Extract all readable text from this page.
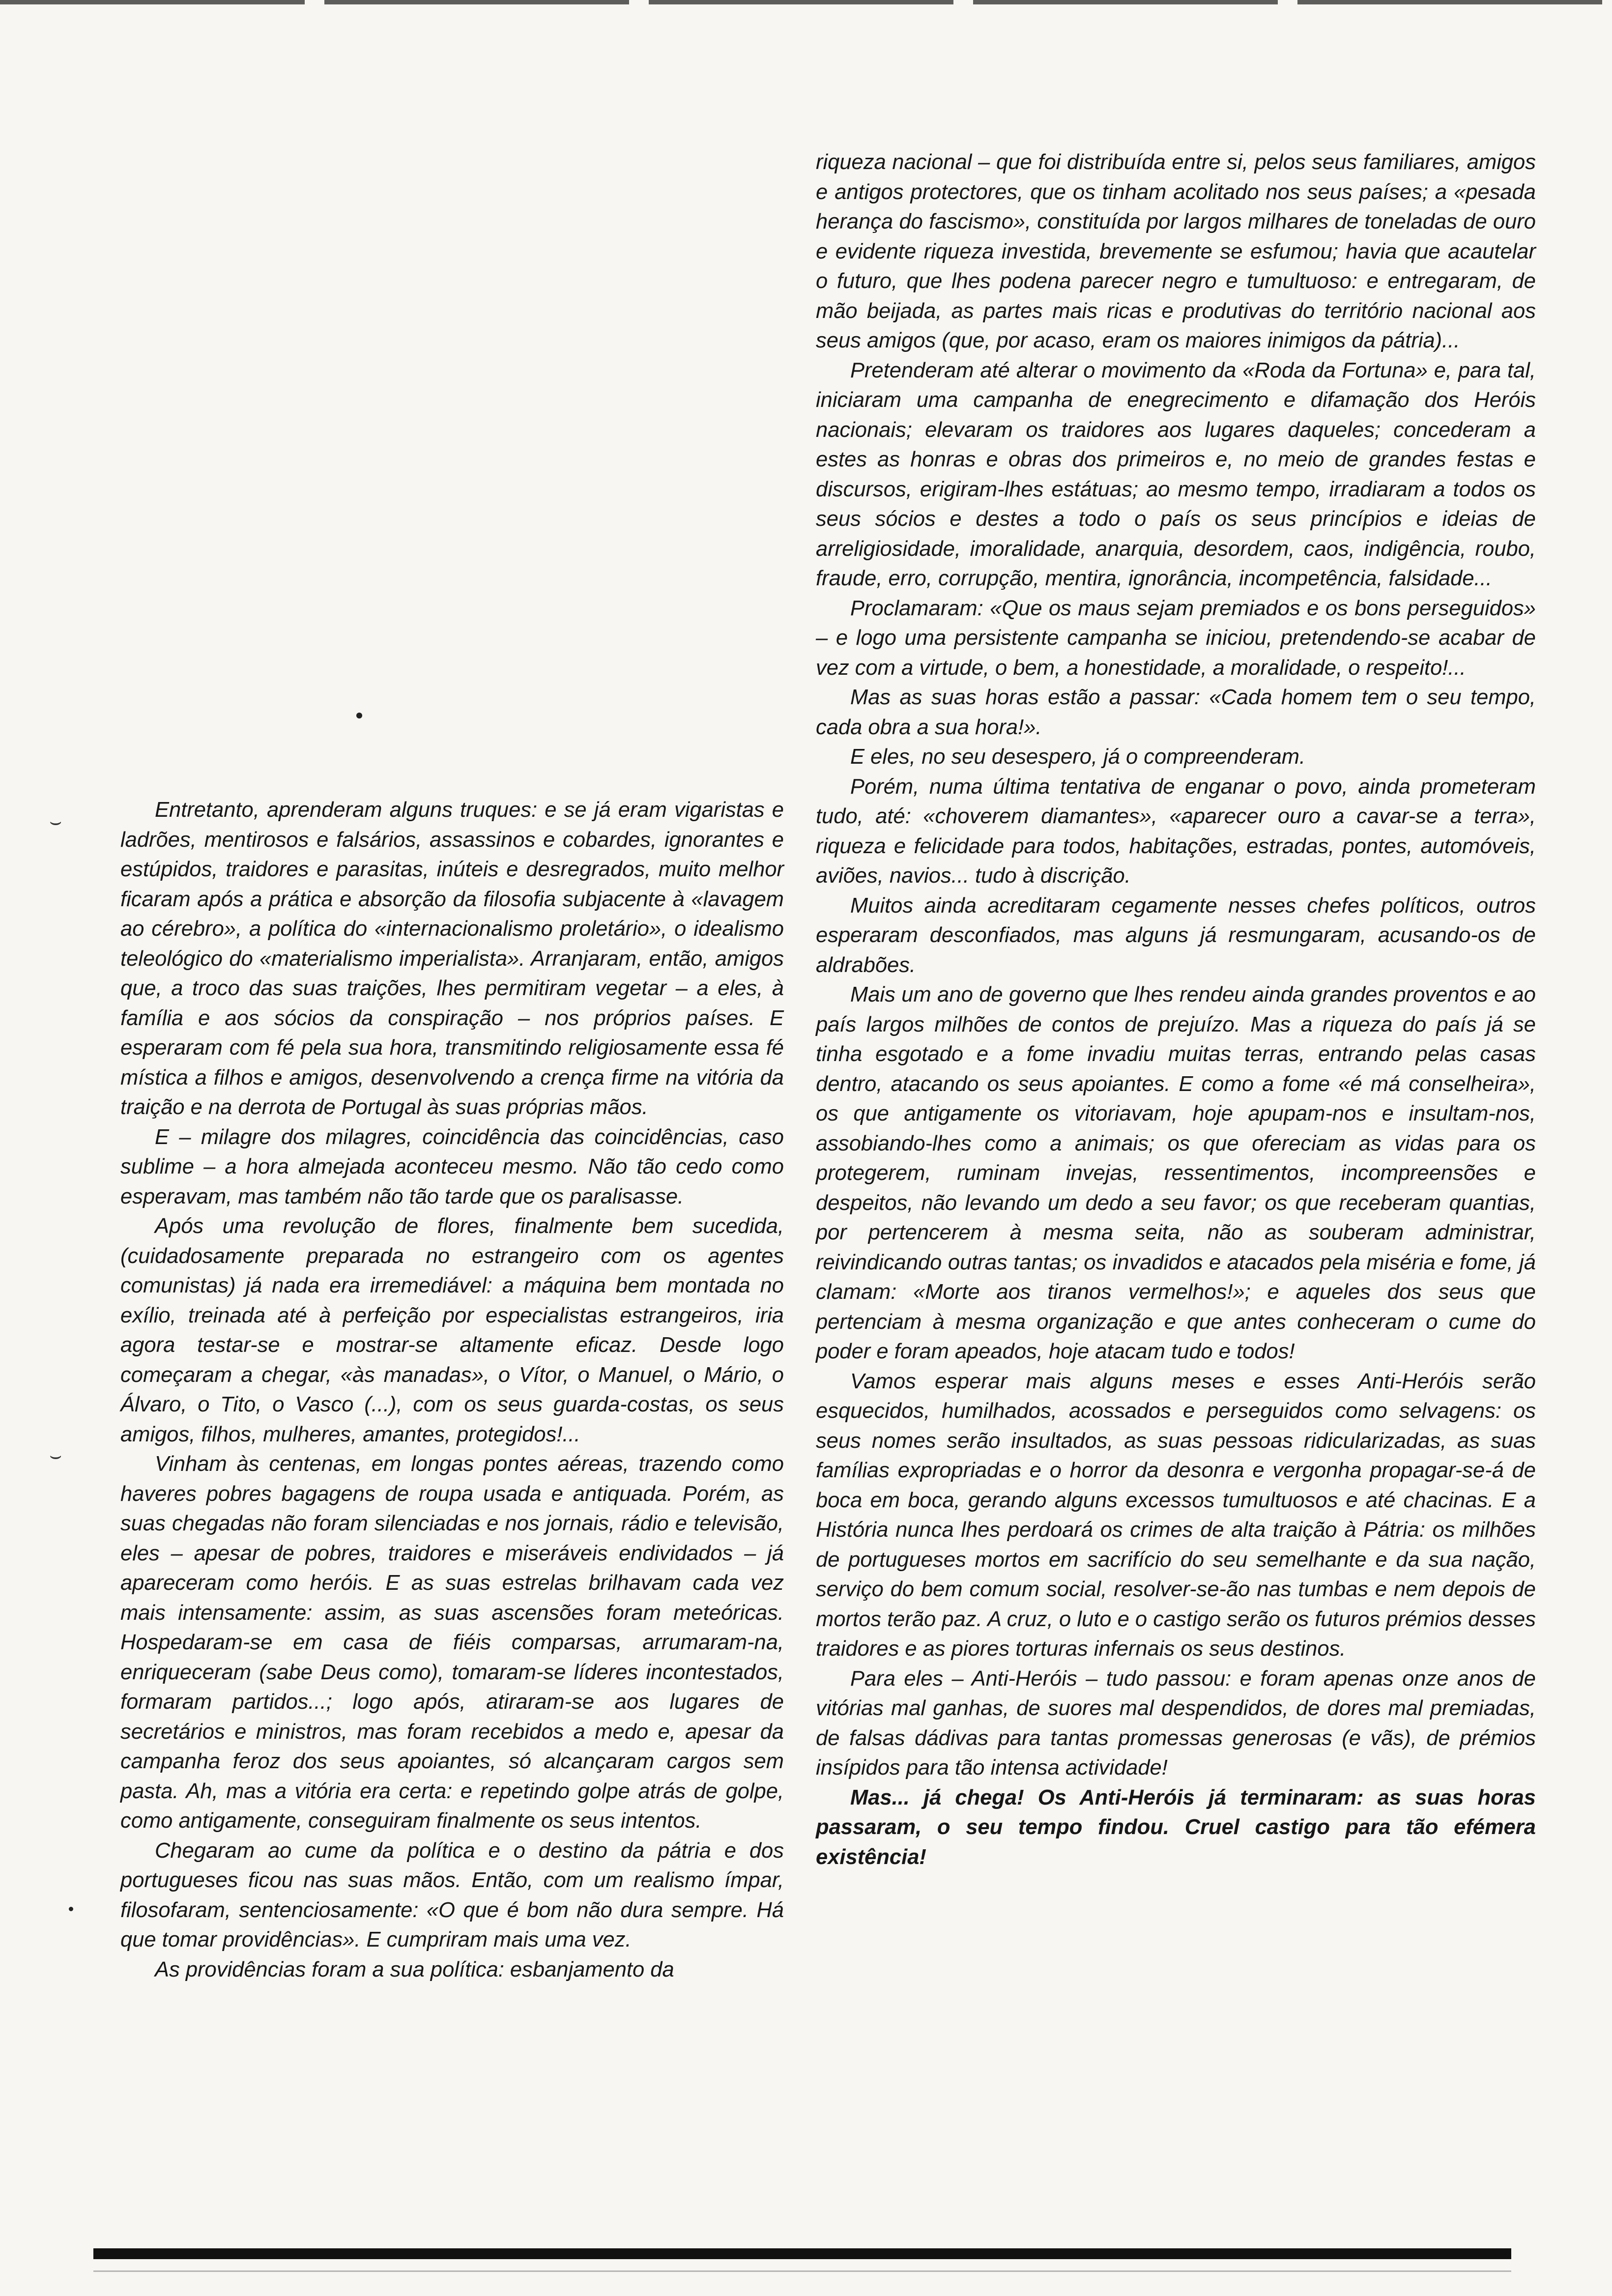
⌣
⌣

Entretanto, aprenderam alguns truques: e se já eram vigaristas e ladrões, mentirosos e falsários, assassinos e cobardes, ignorantes e estúpidos, traidores e parasitas, inúteis e desregrados, muito melhor ficaram após a prática e absorção da filosofia subjacente à «lavagem ao cérebro», a política do «internacionalismo proletário», o idealismo teleológico do «materialismo imperialista». Arranjaram, então, amigos que, a troco das suas traições, lhes permitiram vegetar – a eles, à família e aos sócios da conspiração – nos próprios países. E esperaram com fé pela sua hora, transmitindo religiosamente essa fé mística a filhos e amigos, desenvolvendo a crença firme na vitória da traição e na derrota de Portugal às suas próprias mãos.

E – milagre dos milagres, coincidência das coincidências, caso sublime – a hora almejada aconteceu mesmo. Não tão cedo como esperavam, mas também não tão tarde que os paralisasse.

Após uma revolução de flores, finalmente bem sucedida, (cuidadosamente preparada no estrangeiro com os agentes comunistas) já nada era irremediável: a máquina bem montada no exílio, treinada até à perfeição por especialistas estrangeiros, iria agora testar-se e mostrar-se altamente eficaz. Desde logo começaram a chegar, «às manadas», o Vítor, o Manuel, o Mário, o Álvaro, o Tito, o Vasco (...), com os seus guarda-costas, os seus amigos, filhos, mulheres, amantes, protegidos!...

Vinham às centenas, em longas pontes aéreas, trazendo como haveres pobres bagagens de roupa usada e antiquada. Porém, as suas chegadas não foram silenciadas e nos jornais, rádio e televisão, eles – apesar de pobres, traidores e miseráveis endividados – já apareceram como heróis. E as suas estrelas brilhavam cada vez mais intensamente: assim, as suas ascensões foram meteóricas. Hospedaram-se em casa de fiéis comparsas, arrumaram-na, enriqueceram (sabe Deus como), tomaram-se líderes incontestados, formaram partidos...; logo após, atiraram-se aos lugares de secretários e ministros, mas foram recebidos a medo e, apesar da campanha feroz dos seus apoiantes, só alcançaram cargos sem pasta. Ah, mas a vitória era certa: e repetindo golpe atrás de golpe, como antigamente, conseguiram finalmente os seus intentos.

Chegaram ao cume da política e o destino da pátria e dos portugueses ficou nas suas mãos. Então, com um realismo ímpar, filosofaram, sentenciosamente: «O que é bom não dura sempre. Há que tomar providências». E cumpriram mais uma vez.

As providências foram a sua política: esbanjamento da

riqueza nacional – que foi distribuída entre si, pelos seus familiares, amigos e antigos protectores, que os tinham acolitado nos seus países; a «pesada herança do fascismo», constituída por largos milhares de toneladas de ouro e evidente riqueza investida, brevemente se esfumou; havia que acautelar o futuro, que lhes podena parecer negro e tumultuoso: e entregaram, de mão beijada, as partes mais ricas e produtivas do território nacional aos seus amigos (que, por acaso, eram os maiores inimigos da pátria)...

Pretenderam até alterar o movimento da «Roda da Fortuna» e, para tal, iniciaram uma campanha de enegrecimento e difamação dos Heróis nacionais; elevaram os traidores aos lugares daqueles; concederam a estes as honras e obras dos primeiros e, no meio de grandes festas e discursos, erigiram-lhes estátuas; ao mesmo tempo, irradiaram a todos os seus sócios e destes a todo o país os seus princípios e ideias de arreligiosidade, imoralidade, anarquia, desordem, caos, indigência, roubo, fraude, erro, corrupção, mentira, ignorância, incompetência, falsidade...

Proclamaram: «Que os maus sejam premiados e os bons perseguidos» – e logo uma persistente campanha se iniciou, pretendendo-se acabar de vez com a virtude, o bem, a honestidade, a moralidade, o respeito!...

Mas as suas horas estão a passar: «Cada homem tem o seu tempo, cada obra a sua hora!».

E eles, no seu desespero, já o compreenderam.

Porém, numa última tentativa de enganar o povo, ainda prometeram tudo, até: «choverem diamantes», «aparecer ouro a cavar-se a terra», riqueza e felicidade para todos, habitações, estradas, pontes, automóveis, aviões, navios... tudo à discrição.

Muitos ainda acreditaram cegamente nesses chefes políticos, outros esperaram desconfiados, mas alguns já resmungaram, acusando-os de aldrabões.

Mais um ano de governo que lhes rendeu ainda grandes proventos e ao país largos milhões de contos de prejuízo. Mas a riqueza do país já se tinha esgotado e a fome invadiu muitas terras, entrando pelas casas dentro, atacando os seus apoiantes. E como a fome «é má conselheira», os que antigamente os vitoriavam, hoje apupam-nos e insultam-nos, assobiando-lhes como a animais; os que ofereciam as vidas para os protegerem, ruminam invejas, ressentimentos, incompreensões e despeitos, não levando um dedo a seu favor; os que receberam quantias, por pertencerem à mesma seita, não as souberam administrar, reivindicando outras tantas; os invadidos e atacados pela miséria e fome, já clamam: «Morte aos tiranos vermelhos!»; e aqueles dos seus que pertenciam à mesma organização e que antes conheceram o cume do poder e foram apeados, hoje atacam tudo e todos!

Vamos esperar mais alguns meses e esses Anti-Heróis serão esquecidos, humilhados, acossados e perseguidos como selvagens: os seus nomes serão insultados, as suas pessoas ridicularizadas, as suas famílias expropriadas e o horror da desonra e vergonha propagar-se-á de boca em boca, gerando alguns excessos tumultuosos e até chacinas. E a História nunca lhes perdoará os crimes de alta traição à Pátria: os milhões de portugueses mortos em sacrifício do seu semelhante e da sua nação, serviço do bem comum social, resolver-se-ão nas tumbas e nem depois de mortos terão paz. A cruz, o luto e o castigo serão os futuros prémios desses traidores e as piores torturas infernais os seus destinos.

Para eles – Anti-Heróis – tudo passou: e foram apenas onze anos de vitórias mal ganhas, de suores mal despendidos, de dores mal premiadas, de falsas dádivas para tantas promessas generosas (e vãs), de prémios insípidos para tão intensa actividade!

Mas... já chega! Os Anti-Heróis já terminaram: as suas horas passaram, o seu tempo findou. Cruel castigo para tão efémera existência!
